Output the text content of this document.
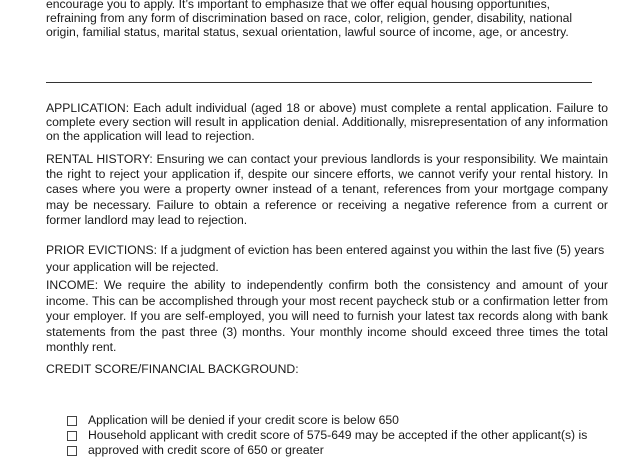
encourage you to apply. It’s important to emphasize that we offer equal housing opportunities,
refraining from any form of discrimination based on race, color, religion, gender, disability, national
origin, familial status, marital status, sexual orientation, lawful source of income, age, or ancestry.

APPLICATION: Each adult individual (aged 18 or above) must complete a rental application. Failure to complete every section will result in application denial. Additionally, misrepresentation of any information on the application will lead to rejection.

RENTAL HISTORY: Ensuring we can contact your previous landlords is your responsibility. We maintain the right to reject your application if, despite our sincere efforts, we cannot verify your rental history. In cases where you were a property owner instead of a tenant, references from your mortgage company may be necessary. Failure to obtain a reference or receiving a negative reference from a current or former landlord may lead to rejection.

PRIOR EVICTIONS: If a judgment of eviction has been entered against you within the last five (5) years
your application will be rejected.

INCOME: We require the ability to independently confirm both the consistency and amount of your income. This can be accomplished through your most recent paycheck stub or a confirmation letter from your employer. If you are self-employed, you will need to furnish your latest tax records along with bank statements from the past three (3) months. Your monthly income should exceed three times the total monthly rent.

CREDIT SCORE/FINANCIAL BACKGROUND:

Application will be denied if your credit score is below 650
Household applicant with credit score of 575-649 may be accepted if the other applicant(s) is
approved with credit score of 650 or greater
